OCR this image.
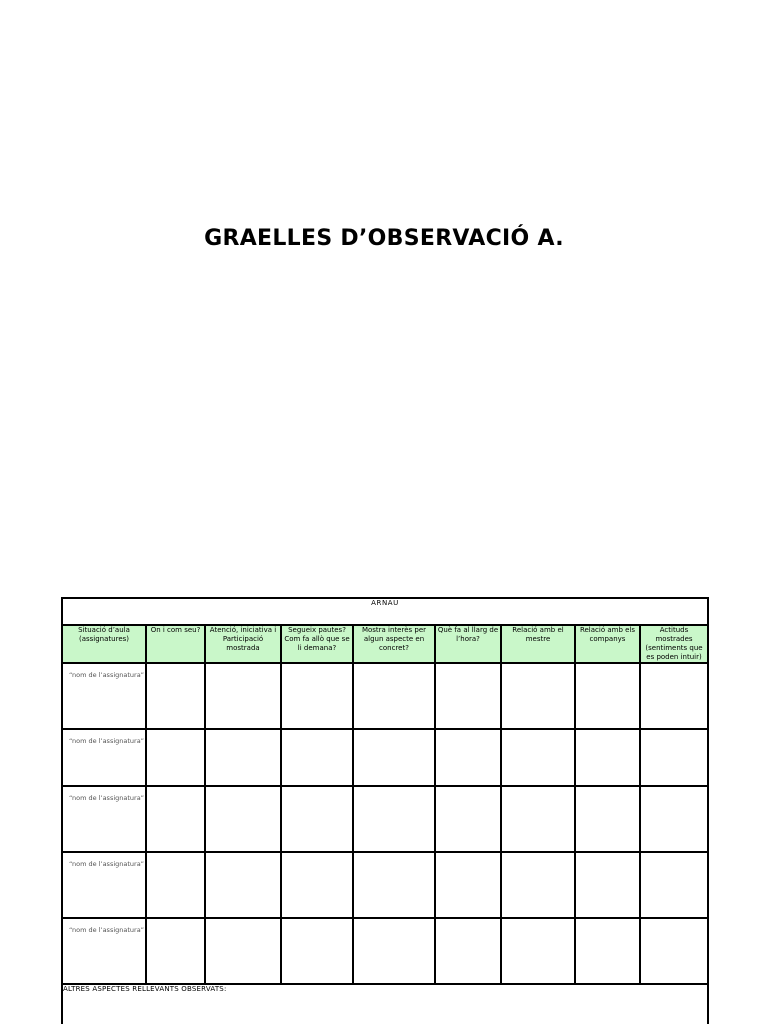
GRAELLES D’OBSERVACIÓ A.
ARNAU								
Situació d’aula (assignatures)	On i com seu?	Atenció, iniciativa i Participació mostrada	Segueix pautes? Com fa allò que se li demana?	Mostra interès per algun aspecte en concret?	Què fa al llarg de l’hora?	Relació amb el mestre	Relació amb els companys	Actituds mostrades (sentiments que es poden intuir)
“nom de l’assignatura”								
“nom de l’assignatura”								
“nom de l’assignatura”								
“nom de l’assignatura”								
“nom de l’assignatura”								
ALTRES ASPECTES RELLEVANTS OBSERVATS:								
